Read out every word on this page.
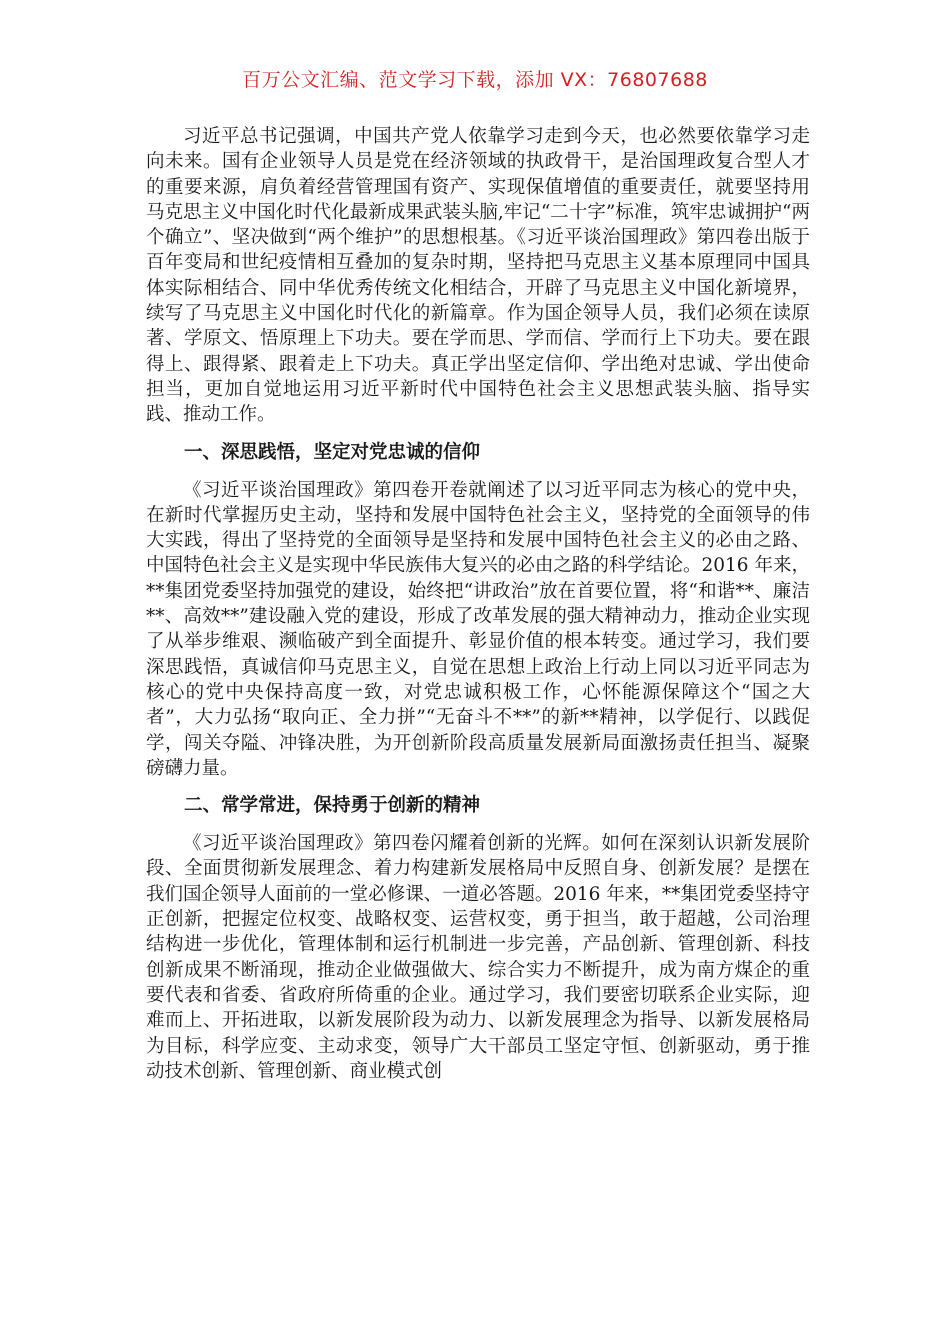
百万公文汇编、范文学习下载，添加 VX：76807688

习近平总书记强调，中国共产党人依靠学习走到今天，也必然要依靠学习走向未来。国有企业领导人员是党在经济领域的执政骨干，是治国理政复合型人才的重要来源，肩负着经营管理国有资产、实现保值增值的重要责任，就要坚持用马克思主义中国化时代化最新成果武装头脑,牢记“二十字”标准，筑牢忠诚拥护“两个确立”、坚决做到“两个维护”的思想根基。《习近平谈治国理政》第四卷出版于百年变局和世纪疫情相互叠加的复杂时期，坚持把马克思主义基本原理同中国具体实际相结合、同中华优秀传统文化相结合，开辟了马克思主义中国化新境界，续写了马克思主义中国化时代化的新篇章。作为国企领导人员，我们必须在读原著、学原文、悟原理上下功夫。要在学而思、学而信、学而行上下功夫。要在跟得上、跟得紧、跟着走上下功夫。真正学出坚定信仰、学出绝对忠诚、学出使命担当，更加自觉地运用习近平新时代中国特色社会主义思想武装头脑、指导实践、推动工作。

一、深思践悟，坚定对党忠诚的信仰

《习近平谈治国理政》第四卷开卷就阐述了以习近平同志为核心的党中央，在新时代掌握历史主动，坚持和发展中国特色社会主义，坚持党的全面领导的伟大实践，得出了坚持党的全面领导是坚持和发展中国特色社会主义的必由之路、中国特色社会主义是实现中华民族伟大复兴的必由之路的科学结论。2016 年来，**集团党委坚持加强党的建设，始终把“讲政治”放在首要位置，将“和谐**、廉洁**、高效**”建设融入党的建设，形成了改革发展的强大精神动力，推动企业实现了从举步维艰、濒临破产到全面提升、彰显价值的根本转变。通过学习，我们要深思践悟，真诚信仰马克思主义，自觉在思想上政治上行动上同以习近平同志为核心的党中央保持高度一致，对党忠诚积极工作，心怀能源保障这个“国之大者”，大力弘扬“取向正、全力拼”“无奋斗不**”的新**精神，以学促行、以践促学，闯关夺隘、冲锋决胜，为开创新阶段高质量发展新局面激扬责任担当、凝聚磅礴力量。

二、常学常进，保持勇于创新的精神

《习近平谈治国理政》第四卷闪耀着创新的光辉。如何在深刻认识新发展阶段、全面贯彻新发展理念、着力构建新发展格局中反照自身、创新发展？是摆在我们国企领导人面前的一堂必修课、一道必答题。2016 年来，**集团党委坚持守正创新，把握定位权变、战略权变、运营权变，勇于担当，敢于超越，公司治理结构进一步优化，管理体制和运行机制进一步完善，产品创新、管理创新、科技创新成果不断涌现，推动企业做强做大、综合实力不断提升，成为南方煤企的重要代表和省委、省政府所倚重的企业。通过学习，我们要密切联系企业实际，迎难而上、开拓进取，以新发展阶段为动力、以新发展理念为指导、以新发展格局为目标，科学应变、主动求变，领导广大干部员工坚定守恒、创新驱动，勇于推动技术创新、管理创新、商业模式创
